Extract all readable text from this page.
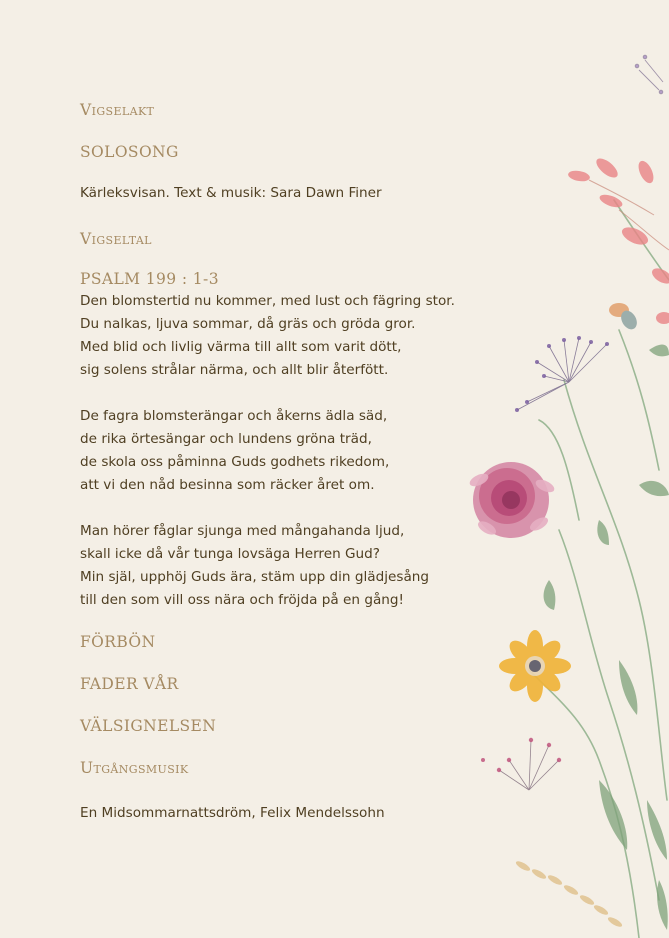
Vigselakt

SOLOSONG

Kärleksvisan. Text & musik: Sara Dawn Finer

Vigseltal

PSALM 199 : 1-3

Den blomstertid nu kommer, med lust och fägring stor.
Du nalkas, ljuva sommar, då gräs och gröda gror.
Med blid och livlig värma till allt som varit dött,
sig solens strålar närma, och allt blir återfött.
De fagra blomsterängar och åkerns ädla säd,
de rika örtesängar och lundens gröna träd,
de skola oss påminna Guds godhets rikedom,
att vi den nåd besinna som räcker året om.
Man hörer fåglar sjunga med mångahanda ljud,
skall icke då vår tunga lovsäga Herren Gud?
Min själ, upphöj Guds ära, stäm upp din glädjesång
till den som vill oss nära och fröjda på en gång!

FÖRBÖN

FADER VÅR

VÄLSIGNELSEN

Utgångsmusik

En Midsommarnattsdröm, Felix Mendelssohn
